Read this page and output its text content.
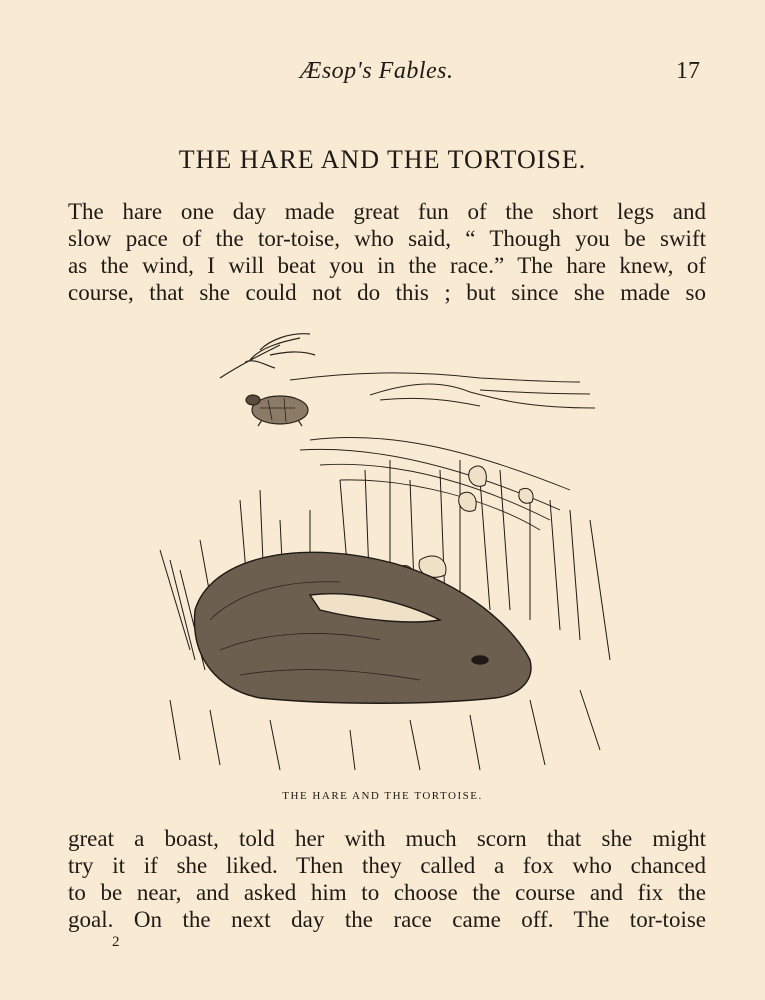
Æsop's Fables.	17
THE HARE AND THE TORTOISE.
The hare one day made great fun of the short legs and
slow pace of the tor-toise, who said, “ Though you be swift
as the wind, I will beat you in the race.” The hare knew, of
course, that she could not do this ; but since she made so
THE HARE AND THE TORTOISE.
great a boast, told her with much scorn that she might
try it if she liked. Then they called a fox who chanced
to be near, and asked him to choose the course and fix the
goal. On the next day the race came off. The tor-toise
2
